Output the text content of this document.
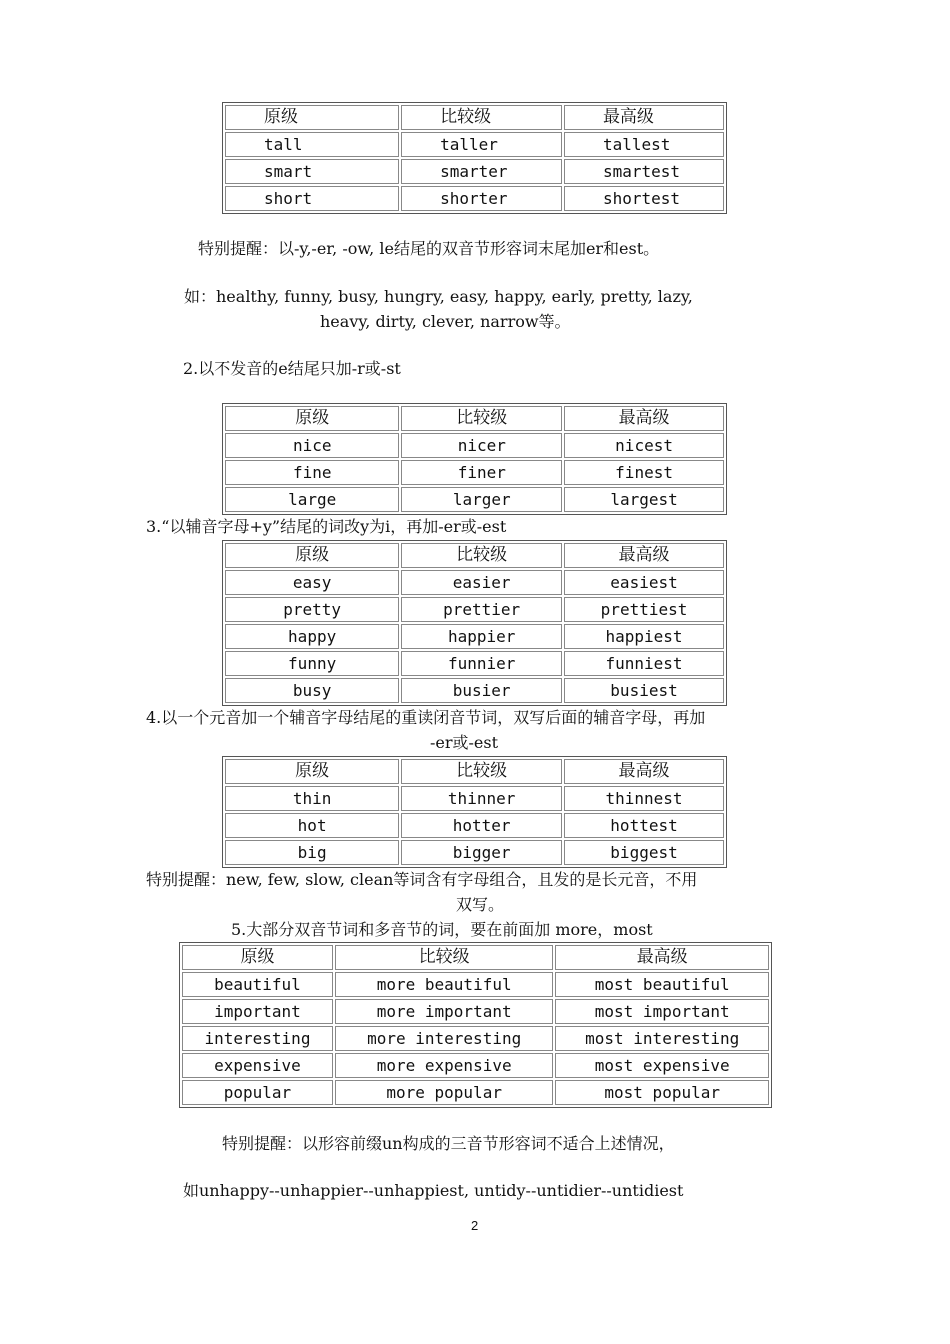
原级	比较级	最高级
tall	taller	tallest
smart	smarter	smartest
short	shorter	shortest
特别提醒：以-y,-er, -ow, le结尾的双音节形容词末尾加er和est。
如：healthy, funny, busy, hungry, easy, happy, early, pretty, lazy,
heavy, dirty, clever, narrow等。
2.以不发音的e结尾只加-r或-st
原级	比较级	最高级
nice	nicer	nicest
fine	finer	finest
large	larger	largest
3.“以辅音字母+y”结尾的词改y为i，再加-er或-est
原级	比较级	最高级
easy	easier	easiest
pretty	prettier	prettiest
happy	happier	happiest
funny	funnier	funniest
busy	busier	busiest
4.以一个元音加一个辅音字母结尾的重读闭音节词，双写后面的辅音字母，再加
-er或-est
原级	比较级	最高级
thin	thinner	thinnest
hot	hotter	hottest
big	bigger	biggest
特别提醒：new, few, slow, clean等词含有字母组合，且发的是长元音，不用
双写。
5.大部分双音节词和多音节的词，要在前面加 more，most
原级	比较级	最高级
beautiful	more beautiful	most beautiful
important	more important	most important
interesting	more interesting	most interesting
expensive	more expensive	most expensive
popular	more popular	most popular
特别提醒：以形容前缀un构成的三音节形容词不适合上述情况，
如unhappy--unhappier--unhappiest, untidy--untidier--untidiest
2
